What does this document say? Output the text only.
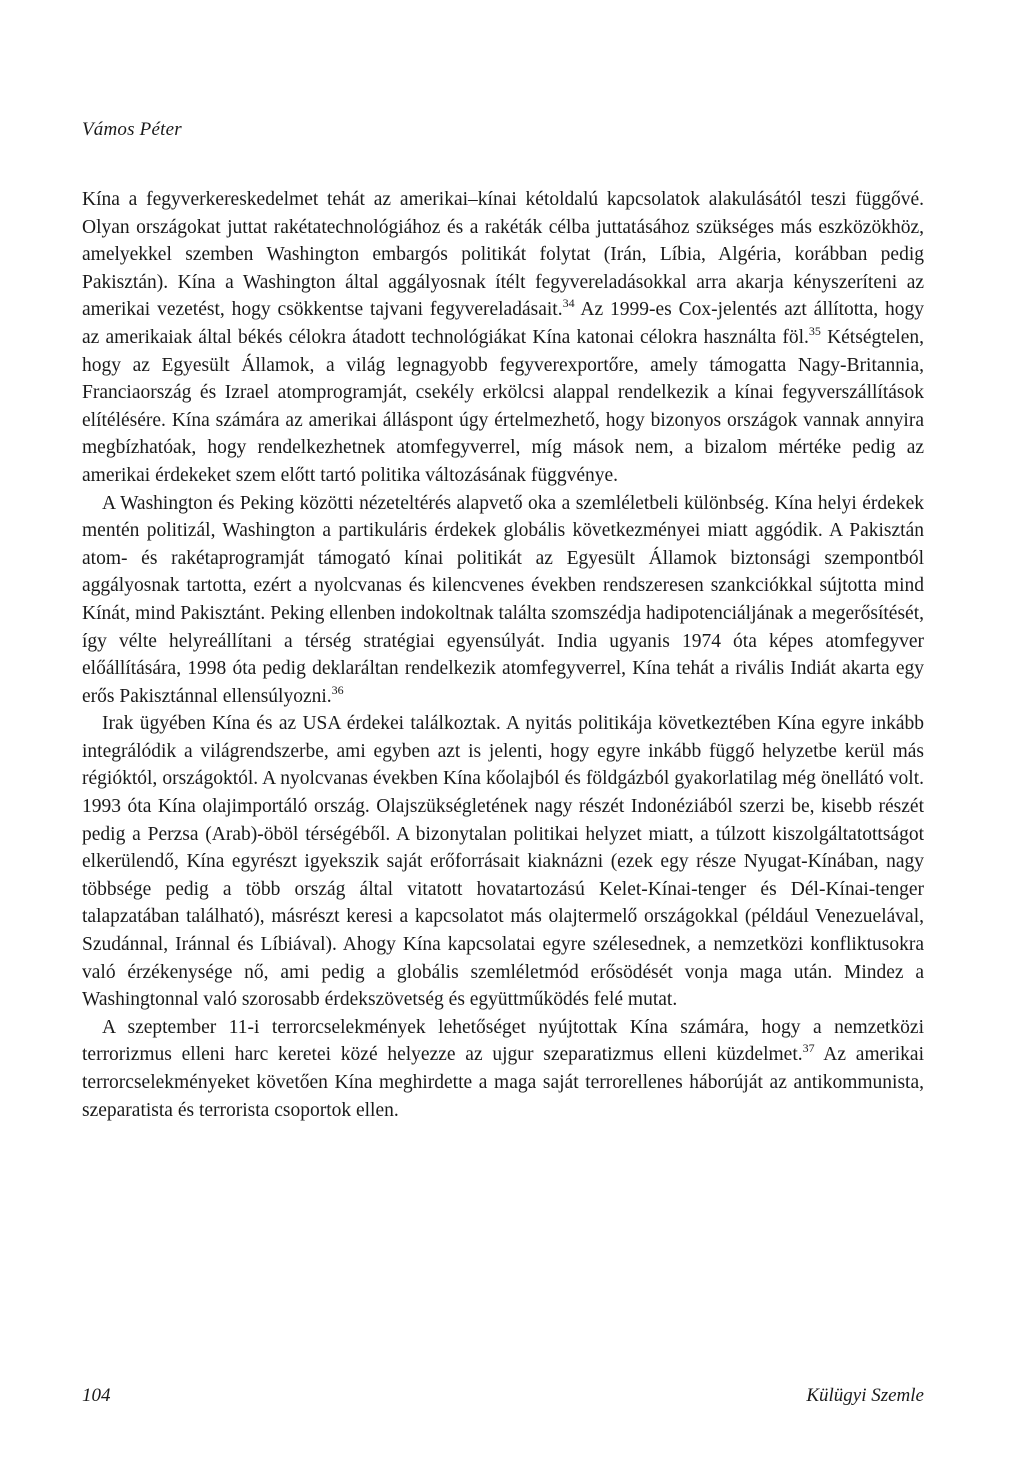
Vámos Péter

Kína a fegyverkereskedelmet tehát az amerikai–kínai kétoldalú kapcsolatok alakulásától teszi függővé. Olyan országokat juttat rakétatechnológiához és a rakéták célba juttatásához szükséges más eszközökhöz, amelyekkel szemben Washington embargós politikát folytat (Irán, Líbia, Algéria, korábban pedig Pakisztán). Kína a Washington által aggályosnak ítélt fegyvereladásokkal arra akarja kényszeríteni az amerikai vezetést, hogy csökkentse tajvani fegyvereladásait.$^{34}$ Az 1999-es Cox-jelentés azt állította, hogy az amerikaiak által békés célokra átadott technológiákat Kína katonai célokra használta föl.$^{35}$ Kétségtelen, hogy az Egyesült Államok, a világ legnagyobb fegyverexportőre, amely támogatta Nagy-Britannia, Franciaország és Izrael atomprogramját, csekély erkölcsi alappal rendelkezik a kínai fegyverszállítások elítélésére. Kína számára az amerikai álláspont úgy értelmezhető, hogy bizonyos országok vannak annyira megbízhatóak, hogy rendelkezhetnek atomfegyverrel, míg mások nem, a bizalom mértéke pedig az amerikai érdekeket szem előtt tartó politika változásának függvénye.

A Washington és Peking közötti nézeteltérés alapvető oka a szemléletbeli különbség. Kína helyi érdekek mentén politizál, Washington a partikuláris érdekek globális következményei miatt aggódik. A Pakisztán atom- és rakétaprogramját támogató kínai politikát az Egyesült Államok biztonsági szempontból aggályosnak tartotta, ezért a nyolcvanas és kilencvenes években rendszeresen szankciókkal sújtotta mind Kínát, mind Pakisztánt. Peking ellenben indokoltnak találta szomszédja hadipotenciáljának a megerősítését, így vélte helyreállítani a térség stratégiai egyensúlyát. India ugyanis 1974 óta képes atomfegyver előállítására, 1998 óta pedig deklaráltan rendelkezik atomfegyverrel, Kína tehát a rivális Indiát akarta egy erős Pakisztánnal ellensúlyozni.$^{36}$

Irak ügyében Kína és az USA érdekei találkoztak. A nyitás politikája következtében Kína egyre inkább integrálódik a világrendszerbe, ami egyben azt is jelenti, hogy egyre inkább függő helyzetbe kerül más régióktól, országoktól. A nyolcvanas években Kína kőolajból és földgázból gyakorlatilag még önellátó volt. 1993 óta Kína olajimportáló ország. Olajszükségletének nagy részét Indonéziából szerzi be, kisebb részét pedig a Perzsa (Arab)-öböl térségéből. A bizonytalan politikai helyzet miatt, a túlzott kiszolgáltatottságot elkerülendő, Kína egyrészt igyekszik saját erőforrásait kiaknázni (ezek egy része Nyugat-Kínában, nagy többsége pedig a több ország által vitatott hovatartozású Kelet-Kínai-tenger és Dél-Kínai-tenger talapzatában található), másrészt keresi a kapcsolatot más olajtermelő országokkal (például Venezuelával, Szudánnal, Iránnal és Líbiával). Ahogy Kína kapcsolatai egyre szélesednek, a nemzetközi konfliktusokra való érzékenysége nő, ami pedig a globális szemléletmód erősödését vonja maga után. Mindez a Washingtonnal való szorosabb érdekszövetség és együttműködés felé mutat.

A szeptember 11-i terrorcselekmények lehetőséget nyújtottak Kína számára, hogy a nemzetközi terrorizmus elleni harc keretei közé helyezze az ujgur szeparatizmus elleni küzdelmet.$^{37}$ Az amerikai terrorcselekményeket követően Kína meghirdette a maga saját terrorellenes háborúját az antikommunista, szeparatista és terrorista csoportok ellen.

104	Külügyi Szemle
